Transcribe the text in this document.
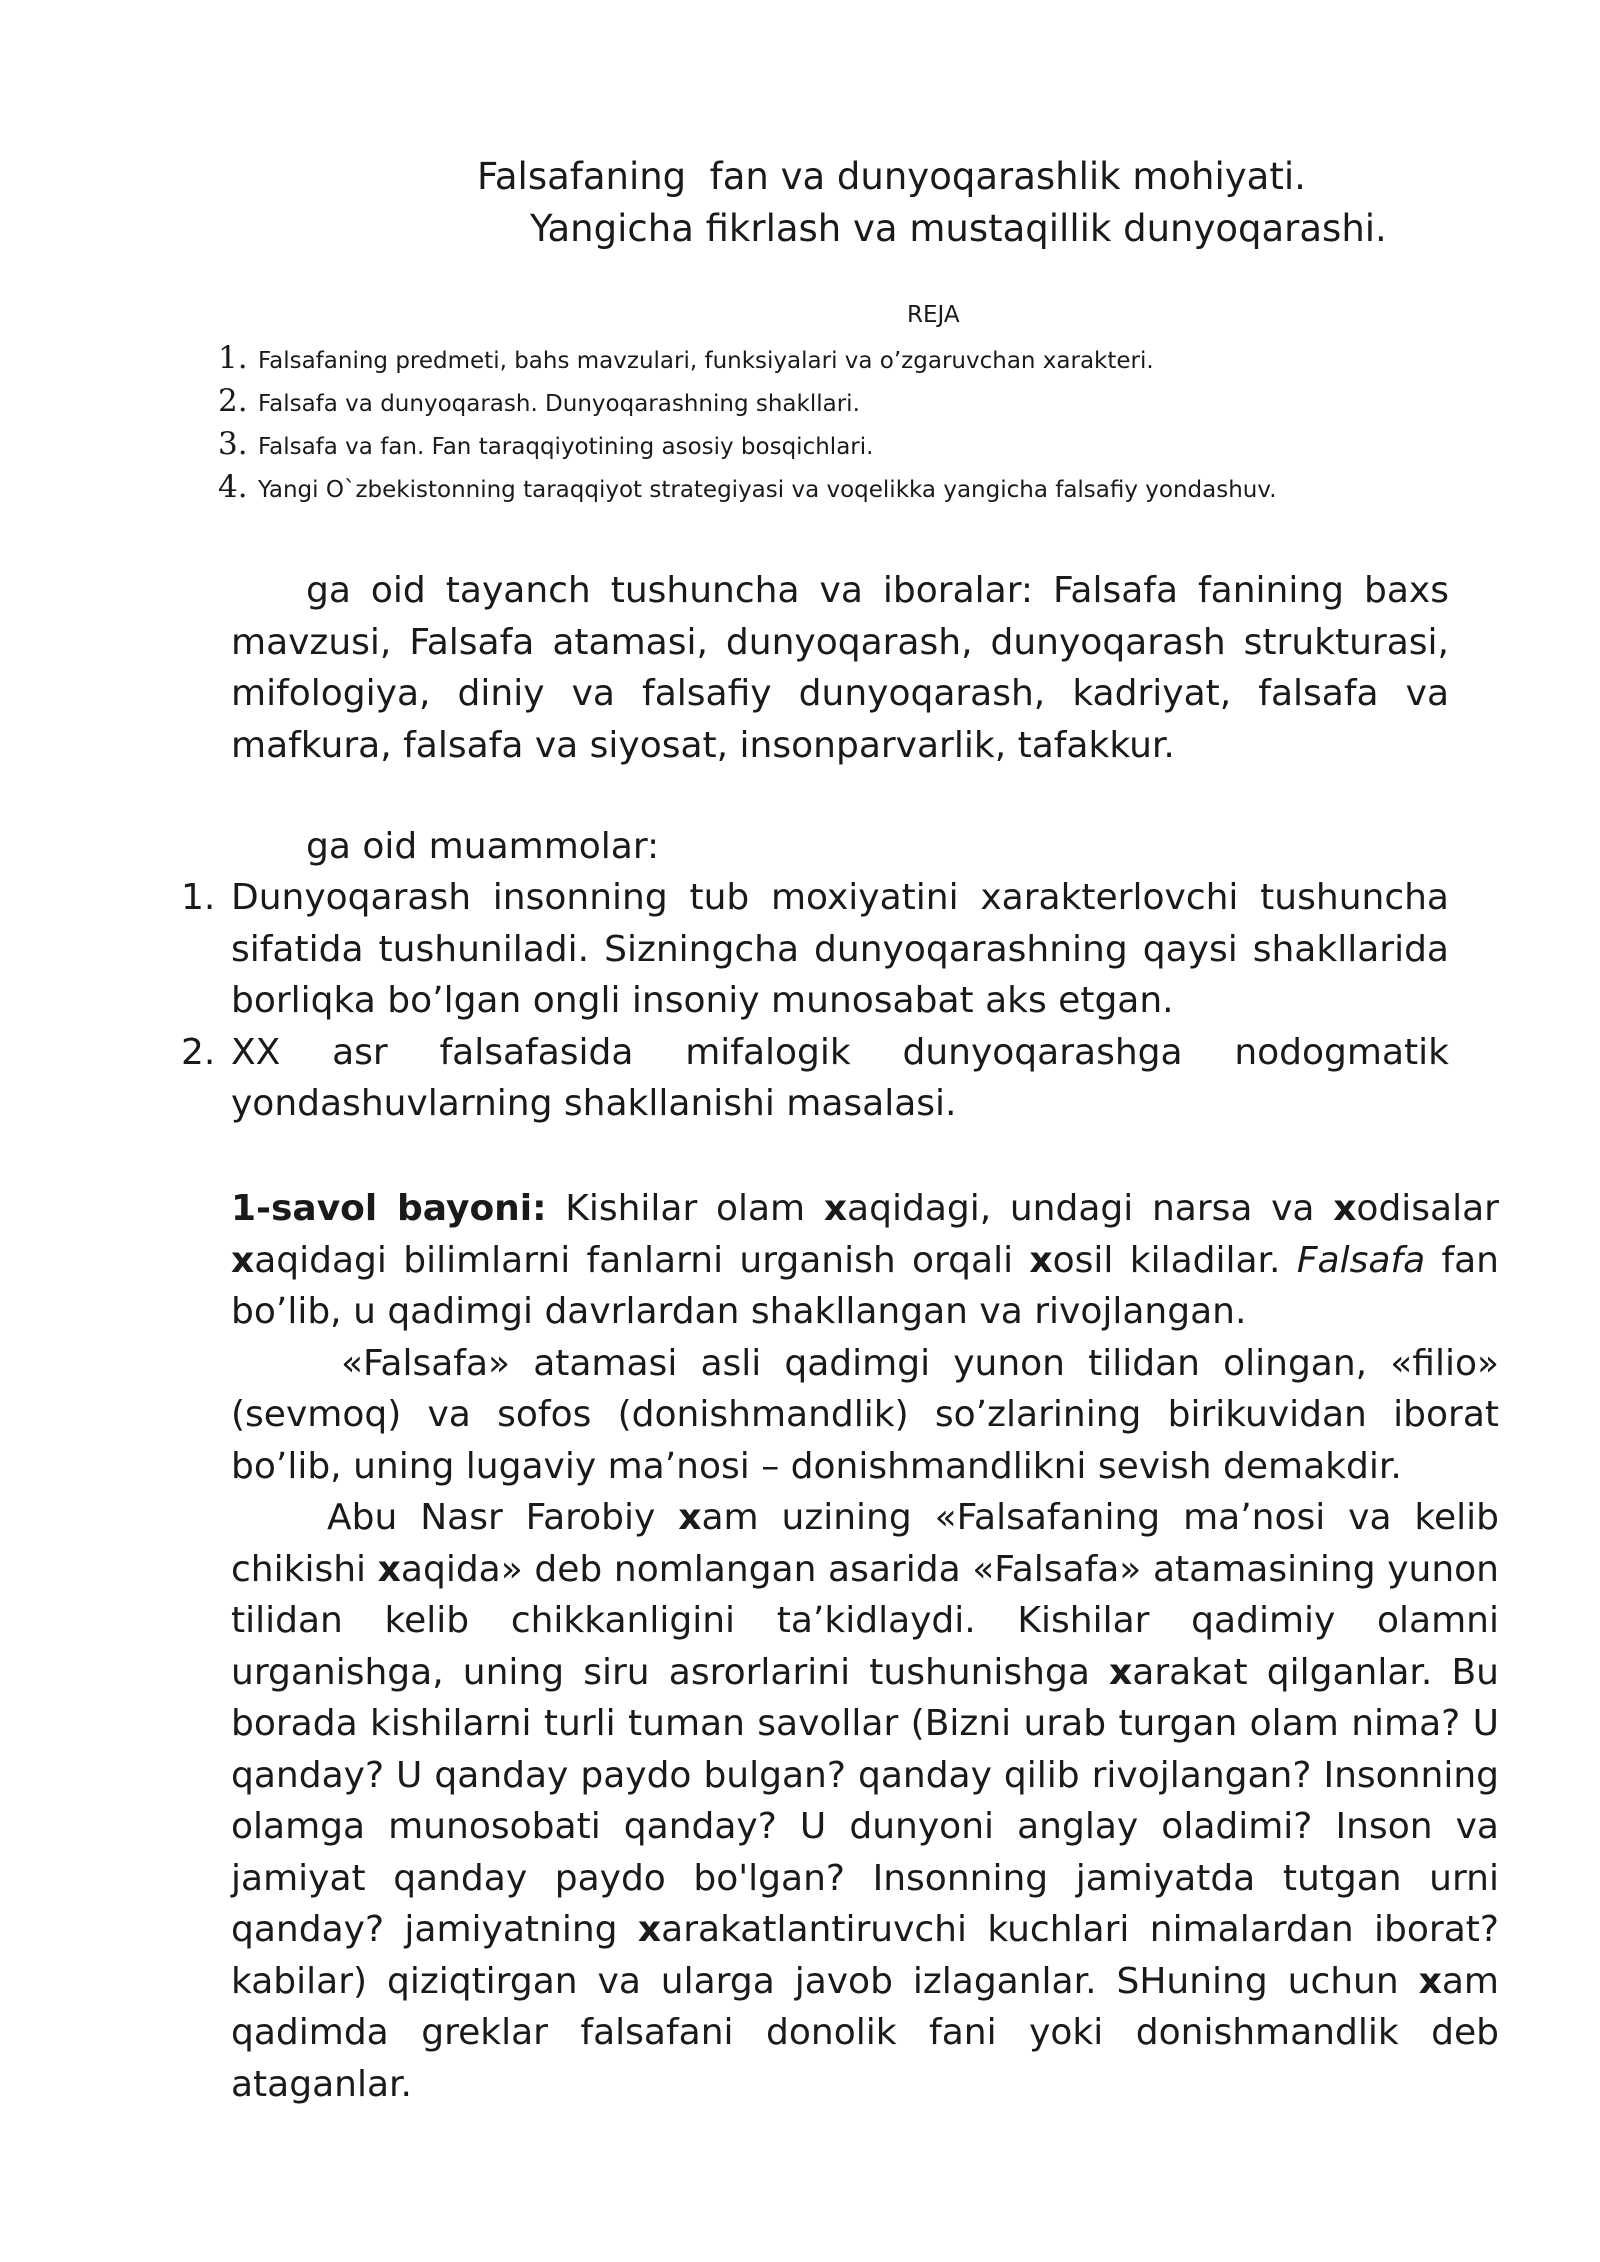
Falsafaning  fan va dunyoqarashlik mohiyati.
Yangicha fikrlash va mustaqillik dunyoqarashi.
REJA
1. Falsafaning predmeti, bahs mavzulari, funksiyalari va o’zgaruvchan xarakteri.
2. Falsafa va dunyoqarash. Dunyoqarashning shakllari.
3. Falsafa va fan. Fan taraqqiyotining asosiy bosqichlari.
4. Yangi O`zbekistonning taraqqiyot strategiyasi va voqelikka yangicha falsafiy yondashuv.

ga oid tayanch tushuncha va iboralar: Falsafa fanining baxs mavzusi, Falsafa atamasi, dunyoqarash, dunyoqarash strukturasi, mifologiya, diniy va falsafiy dunyoqarash, kadriyat, falsafa va mafkura, falsafa va siyosat, insonparvarlik, tafakkur.

ga oid muammolar:

1. Dunyoqarash insonning tub moxiyatini xarakterlovchi tushuncha sifatida tushuniladi. Sizningcha dunyoqarashning qaysi shakllarida borliqka bo’lgan ongli insoniy munosabat aks etgan.
2. XX asr falsafasida mifalogik dunyoqarashga nodogmatik
yondashuvlarning shakllanishi masalasi.

1-savol bayoni: Kishilar olam xaqidagi, undagi narsa va xodisalar xaqidagi bilimlarni fanlarni urganish orqali xosil kiladilar. Falsafa fan bo’lib, u qadimgi davrlardan shakllangan va rivojlangan.

«Falsafa» atamasi asli qadimgi yunon tilidan olingan, «filio» (sevmoq) va sofos (donishmandlik) so’zlarining birikuvidan iborat bo’lib, uning lugaviy ma’nosi – donishmandlikni sevish demakdir.

Abu Nasr Farobiy xam uzining «Falsafaning ma’nosi va kelib chikishi xaqida» deb nomlangan asarida «Falsafa» atamasining yunon tilidan kelib chikkanligini ta’kidlaydi. Kishilar qadimiy olamni urganishga, uning siru asrorlarini tushunishga xarakat qilganlar. Bu borada kishilarni turli tuman savollar (Bizni urab turgan olam nima? U qanday? U qanday paydo bulgan? qanday qilib rivojlangan? Insonning olamga munosobati qanday? U dunyoni anglay oladimi? Inson va jamiyat qanday paydo bo'lgan? Insonning jamiyatda tutgan urni qanday? jamiyatning xarakatlantiruvchi kuchlari nimalardan iborat? kabilar) qiziqtirgan va ularga javob izlaganlar. SHuning uchun xam qadimda greklar falsafani donolik fani yoki donishmandlik deb ataganlar.
